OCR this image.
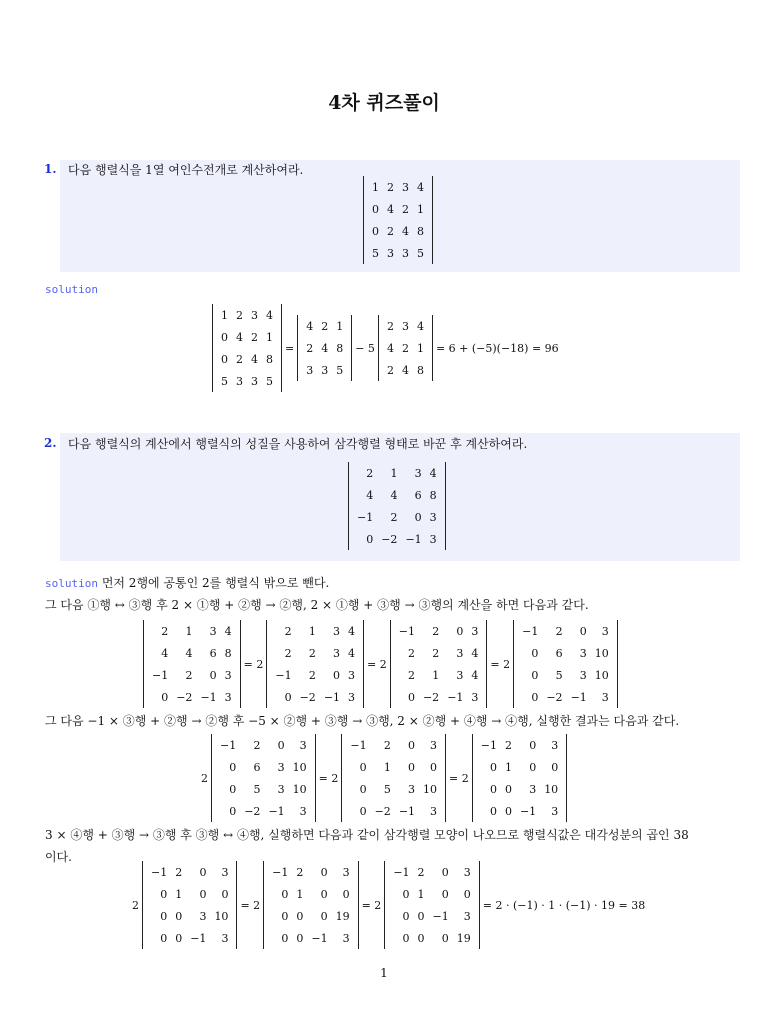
4차 퀴즈풀이
1. 다음 행렬식을 1열 여인수전개로 계산하여라.
1	2	3	4
0	4	2	1
0	2	4	8
5	3	3	5
solution
1	2	3	4
0	4	2	1
0	2	4	8
5	3	3	5
=
4	2	1
2	4	8
3	3	5
− 5
2	3	4
4	2	1
2	4	8
= 6 + (−5)(−18) = 96
2. 다음 행렬식의 계산에서 행렬식의 성질을 사용하여 삼각행렬 형태로 바꾼 후 계산하여라.
2	1	3	4
4	4	6	8
−1	2	0	3
0	−2	−1	3
solution 먼저 2행에 공통인 2를 행렬식 밖으로 뺀다.
그 다음 ①행 ↔ ③행 후 2 × ①행 + ②행 → ②행, 2 × ①행 + ③행 → ③행의 계산을 하면 다음과 같다.
2	1	3	4
4	4	6	8
−1	2	0	3
0	−2	−1	3
= 2
2	1	3	4
2	2	3	4
−1	2	0	3
0	−2	−1	3
= 2
−1	2	0	3
2	2	3	4
2	1	3	4
0	−2	−1	3
= 2
−1	2	0	3
0	6	3	10
0	5	3	10
0	−2	−1	3
그 다음 −1 × ③행 + ②행 → ②행 후 −5 × ②행 + ③행 → ③행, 2 × ②행 + ④행 → ④행, 실행한 결과는 다음과 같다.
2
−1	2	0	3
0	6	3	10
0	5	3	10
0	−2	−1	3
= 2
−1	2	0	3
0	1	0	0
0	5	3	10
0	−2	−1	3
= 2
−1	2	0	3
0	1	0	0
0	0	3	10
0	0	−1	3
3 × ④행 + ③행 → ③행 후 ③행 ↔ ④행, 실행하면 다음과 같이 삼각행렬 모양이 나오므로 행렬식값은 대각성분의 곱인 38
이다.
2
−1	2	0	3
0	1	0	0
0	0	3	10
0	0	−1	3
= 2
−1	2	0	3
0	1	0	0
0	0	0	19
0	0	−1	3
= 2
−1	2	0	3
0	1	0	0
0	0	−1	3
0	0	0	19
= 2 · (−1) · 1 · (−1) · 19 = 38
1
